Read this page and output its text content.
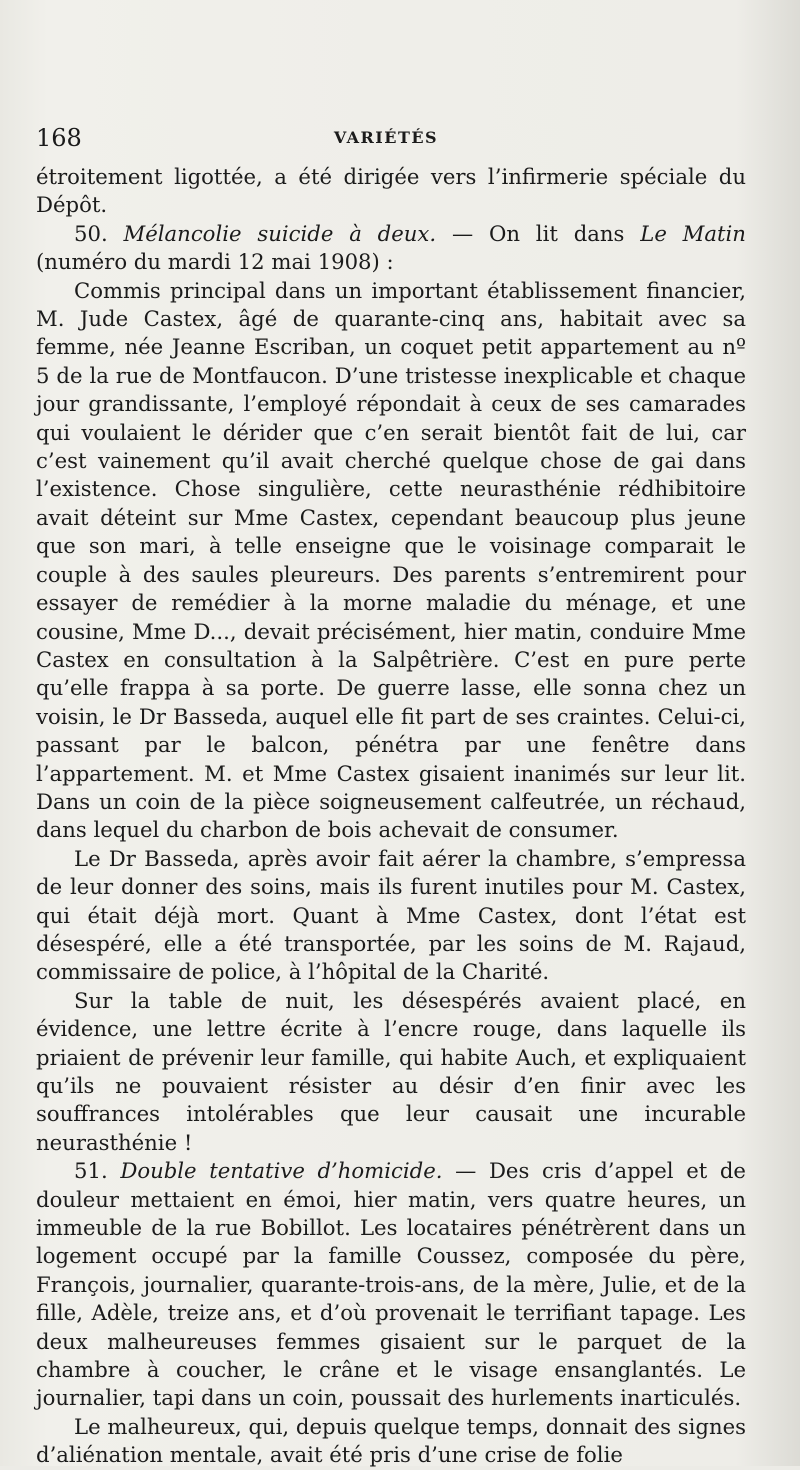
168	VARIÉTÉS

étroitement ligottée, a été dirigée vers l’infirmerie spéciale du Dépôt.

50. Mélancolie suicide à deux. — On lit dans Le Matin (numéro du mardi 12 mai 1908) :

Commis principal dans un important établissement financier, M. Jude Castex, âgé de quarante-cinq ans, habitait avec sa femme, née Jeanne Escriban, un coquet petit appartement au nº 5 de la rue de Montfaucon. D’une tristesse inexplicable et chaque jour grandissante, l’employé répondait à ceux de ses camarades qui voulaient le dérider que c’en serait bientôt fait de lui, car c’est vainement qu’il avait cherché quelque chose de gai dans l’existence. Chose singulière, cette neurasthénie rédhibitoire avait déteint sur Mme Castex, cependant beaucoup plus jeune que son mari, à telle enseigne que le voisinage comparait le couple à des saules pleureurs. Des parents s’entremirent pour essayer de remédier à la morne maladie du ménage, et une cousine, Mme D..., devait précisément, hier matin, conduire Mme Castex en consultation à la Salpêtrière. C’est en pure perte qu’elle frappa à sa porte. De guerre lasse, elle sonna chez un voisin, le Dr Basseda, auquel elle fit part de ses craintes. Celui-ci, passant par le balcon, pénétra par une fenêtre dans l’appartement. M. et Mme Castex gisaient inanimés sur leur lit. Dans un coin de la pièce soigneusement calfeutrée, un réchaud, dans lequel du charbon de bois achevait de consumer.

Le Dr Basseda, après avoir fait aérer la chambre, s’empressa de leur donner des soins, mais ils furent inutiles pour M. Castex, qui était déjà mort. Quant à Mme Castex, dont l’état est désespéré, elle a été transportée, par les soins de M. Rajaud, commissaire de police, à l’hôpital de la Charité.

Sur la table de nuit, les désespérés avaient placé, en évidence, une lettre écrite à l’encre rouge, dans laquelle ils priaient de prévenir leur famille, qui habite Auch, et expliquaient qu’ils ne pouvaient résister au désir d’en finir avec les souffrances intolérables que leur causait une incurable neurasthénie !

51. Double tentative d’homicide. — Des cris d’appel et de douleur mettaient en émoi, hier matin, vers quatre heures, un immeuble de la rue Bobillot. Les locataires pénétrèrent dans un logement occupé par la famille Coussez, composée du père, François, journalier, quarante-trois-ans, de la mère, Julie, et de la fille, Adèle, treize ans, et d’où provenait le terrifiant tapage. Les deux malheureuses femmes gisaient sur le parquet de la chambre à coucher, le crâne et le visage ensanglantés. Le journalier, tapi dans un coin, poussait des hurlements inarticulés.

Le malheureux, qui, depuis quelque temps, donnait des signes d’aliénation mentale, avait été pris d’une crise de folie
